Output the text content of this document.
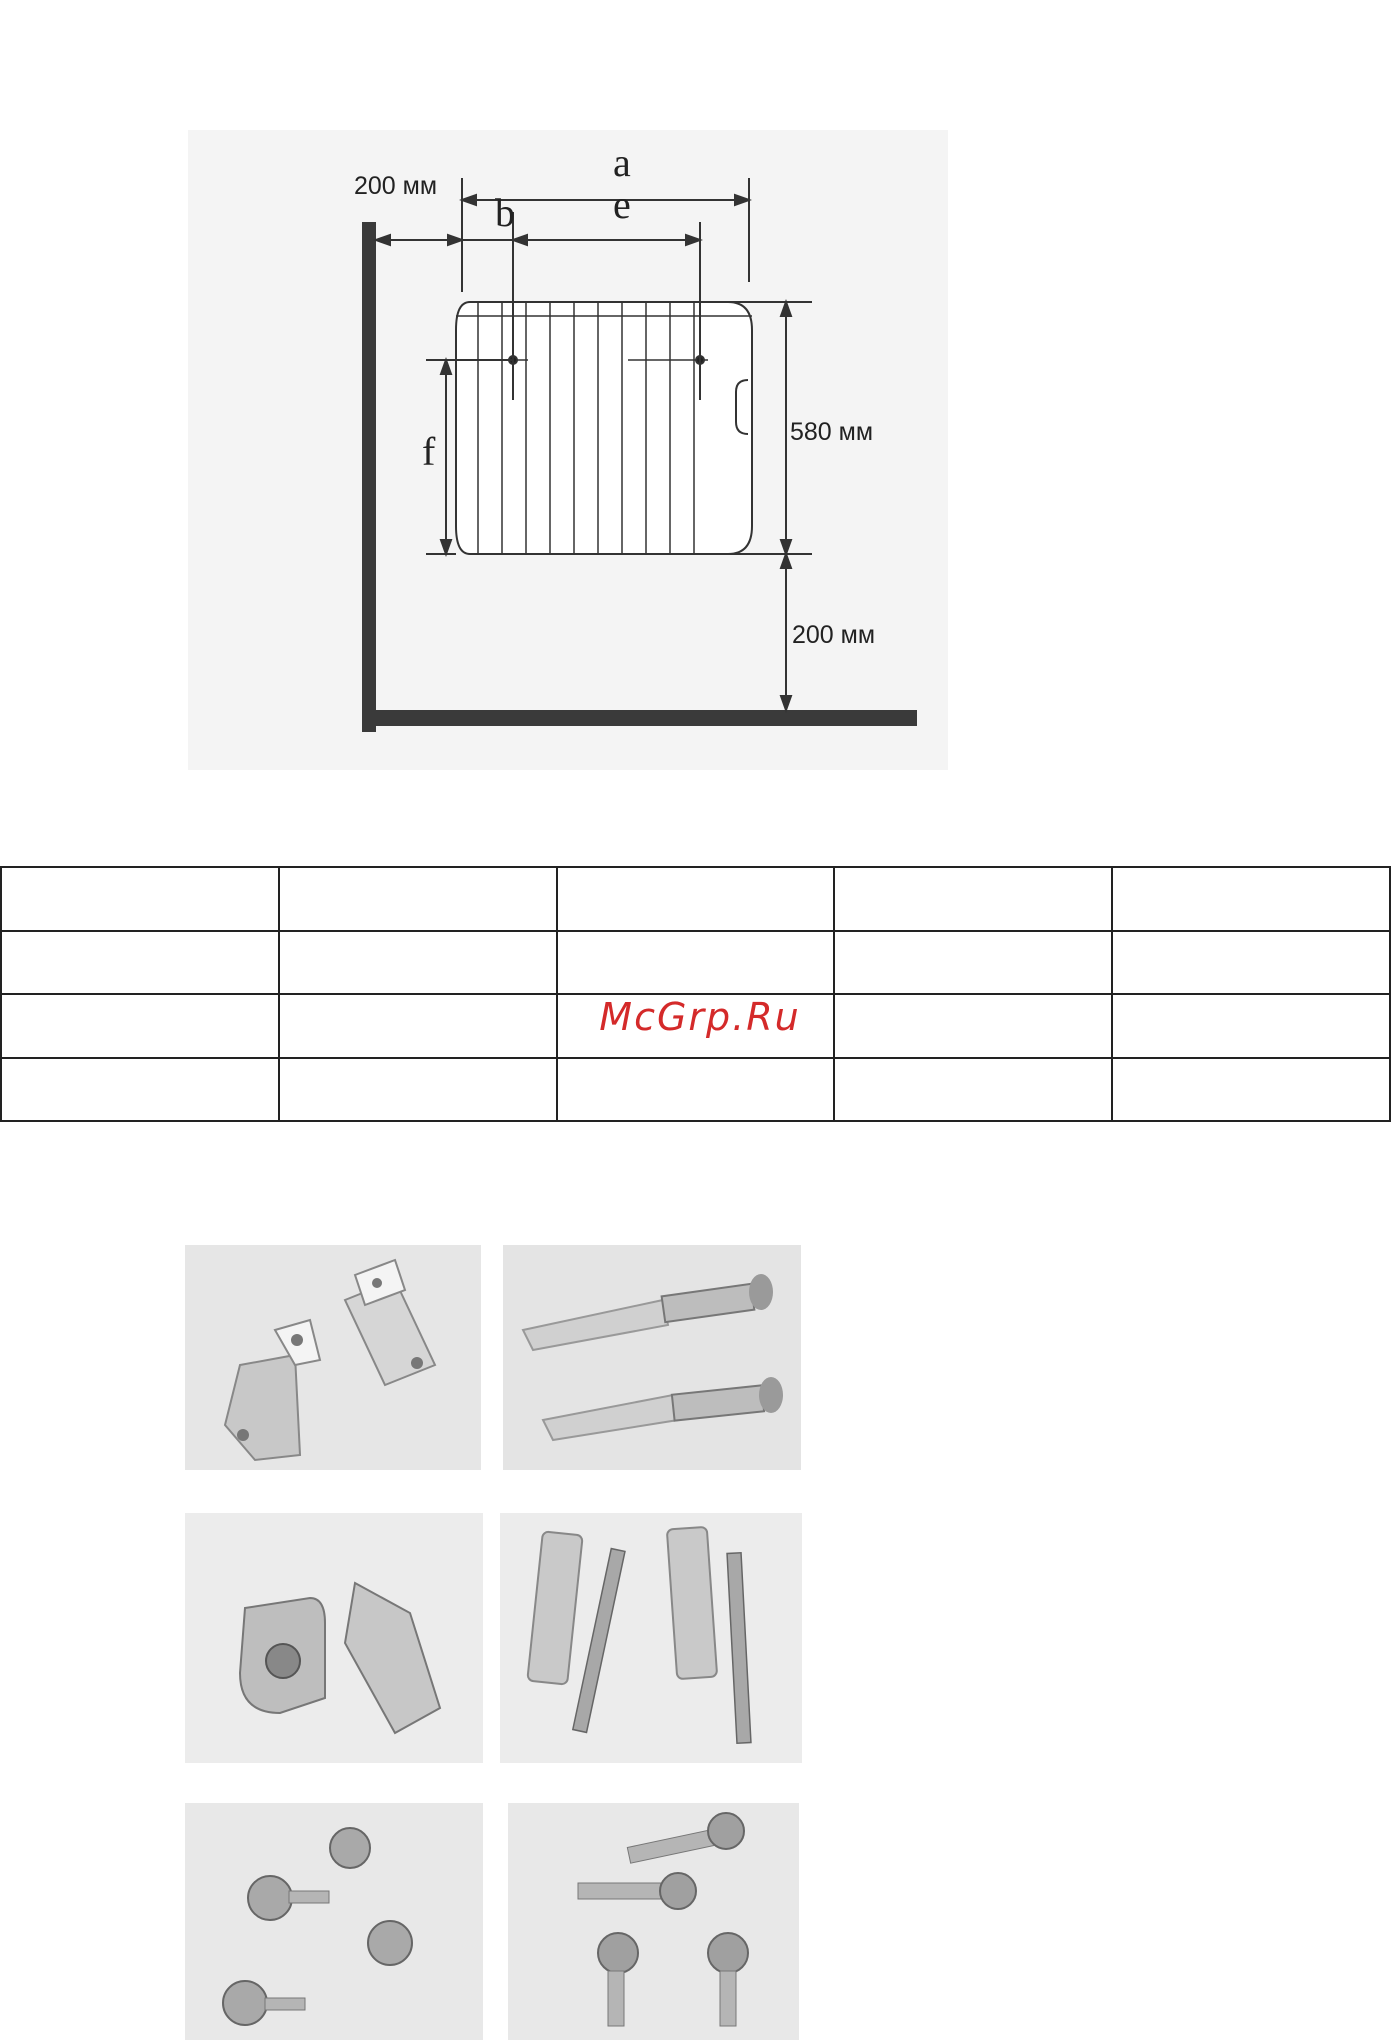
200 мм
a
b e
f	580 мм
200 мм

McGrp.Ru
